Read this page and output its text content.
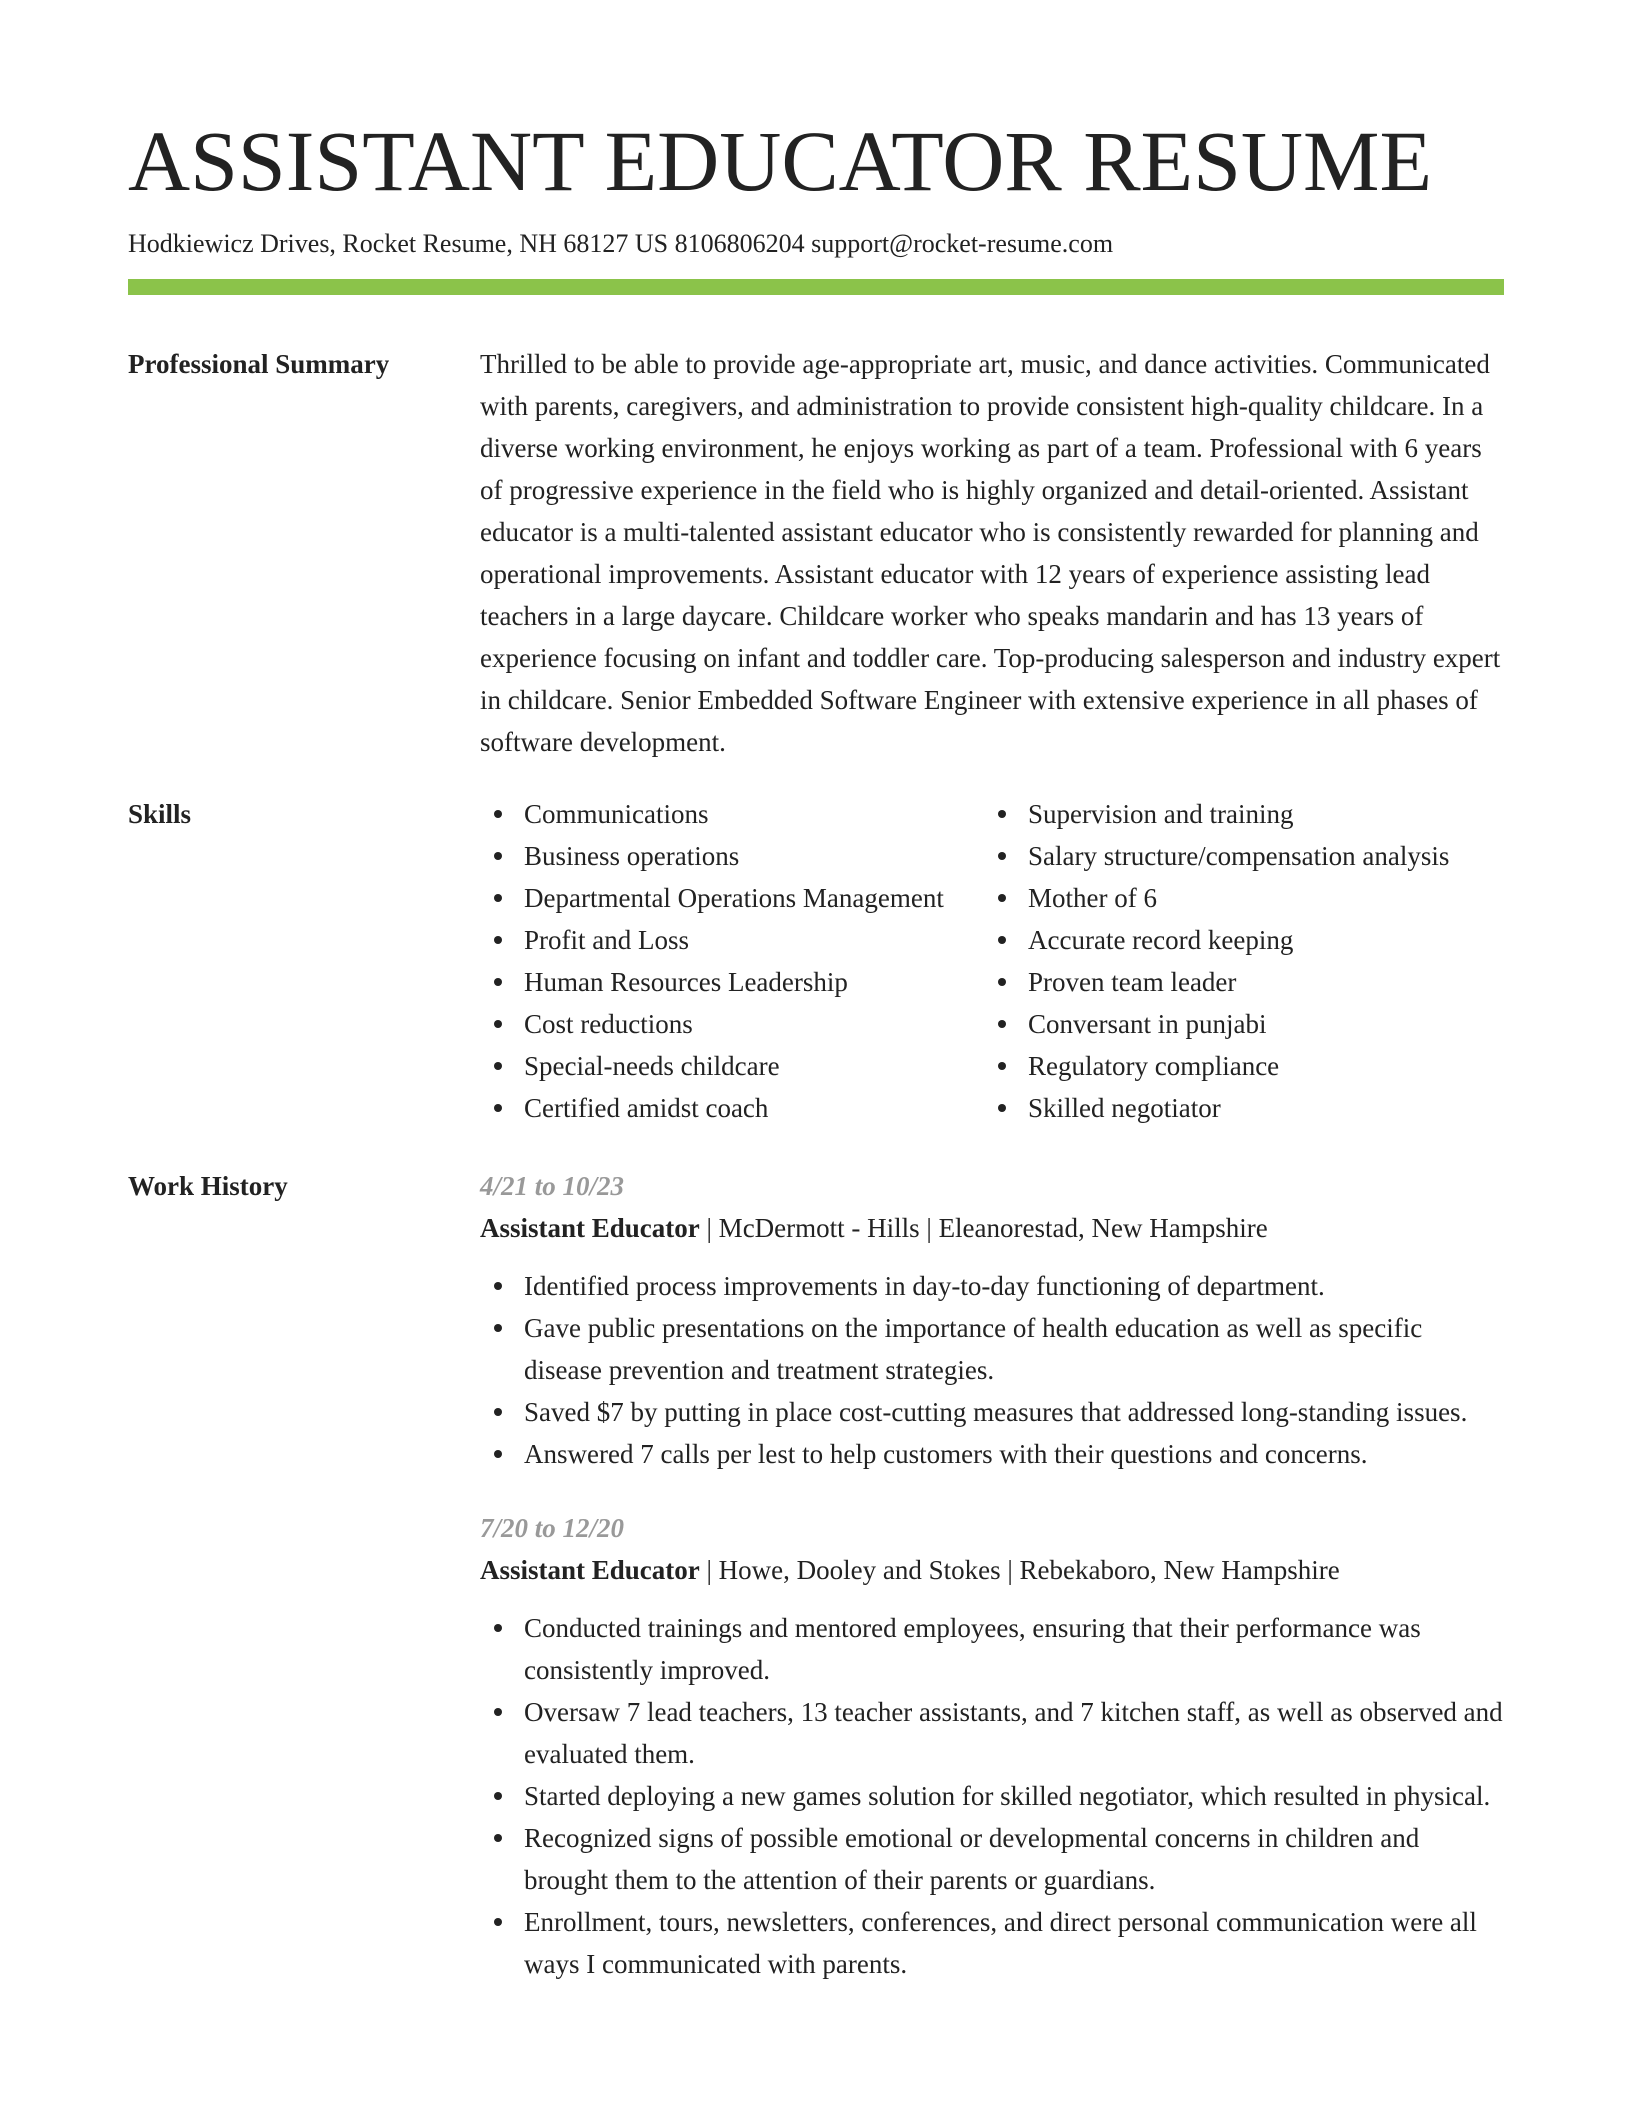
ASSISTANT EDUCATOR RESUME
Hodkiewicz Drives, Rocket Resume, NH 68127 US 8106806204 support@rocket-resume.com
Professional Summary	Thrilled to be able to provide age-appropriate art, music, and dance activities. Communicated with parents, caregivers, and administration to provide consistent high-quality childcare. In a diverse working environment, he enjoys working as part of a team. Professional with 6 years of progressive experience in the field who is highly organized and detail-oriented. Assistant educator is a multi-talented assistant educator who is consistently rewarded for planning and operational improvements. Assistant educator with 12 years of experience assisting lead teachers in a large daycare. Childcare worker who speaks mandarin and has 13 years of experience focusing on infant and toddler care. Top-producing salesperson and industry expert in childcare. Senior Embedded Software Engineer with extensive experience in all phases of software development.

Skills	Communications
Business operations
Departmental Operations Management
Profit and Loss
Human Resources Leadership
Cost reductions
Special-needs childcare
Certified amidst coach
Supervision and training
Salary structure/compensation analysis
Mother of 6
Accurate record keeping
Proven team leader
Conversant in punjabi
Regulatory compliance
Skilled negotiator
Work History	4/21 to 10/23
Assistant Educator | McDermott - Hills | Eleanorestad, New Hampshire
Identified process improvements in day-to-day functioning of department.
Gave public presentations on the importance of health education as well as specific disease prevention and treatment strategies.
Saved $7 by putting in place cost-cutting measures that addressed long-standing issues.
Answered 7 calls per lest to help customers with their questions and concerns.
7/20 to 12/20
Assistant Educator | Howe, Dooley and Stokes | Rebekaboro, New Hampshire
Conducted trainings and mentored employees, ensuring that their performance was consistently improved.
Oversaw 7 lead teachers, 13 teacher assistants, and 7 kitchen staff, as well as observed and evaluated them.
Started deploying a new games solution for skilled negotiator, which resulted in physical.
Recognized signs of possible emotional or developmental concerns in children and brought them to the attention of their parents or guardians.
Enrollment, tours, newsletters, conferences, and direct personal communication were all ways I communicated with parents.
